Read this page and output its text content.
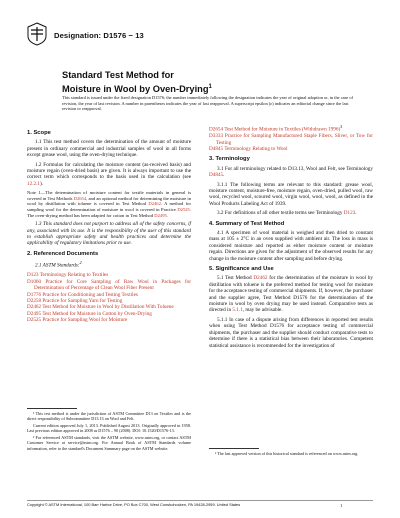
Designation: D1576 − 13
Standard Test Method for
Moisture in Wool by Oven-Drying$^1$
This standard is issued under the fixed designation D1576; the number immediately following the designation indicates the year of original adoption or, in the case of revision, the year of last revision. A number in parentheses indicates the year of last reapproval. A superscript epsilon (ε) indicates an editorial change since the last revision or reapproval.
1. Scope

1.1 This test method covers the determination of the amount of moisture present in ordinary commercial and industrial samples of wool in all forms except grease wool, using the oven-drying technique.

1.2 Formulas for calculating the moisture content (as-received basis) and moisture regain (oven-dried basis) are given. It is always important to use the correct term which corresponds to the basis used in the calculation (see 12.2.1).

Note 1—The determination of moisture content for textile materials in general is covered in Test Methods D2654, and an optional method for determining the moisture in wool by distillation with toluene is covered in Test Method D2462. A method for sampling wool for the determination of moisture in wool is covered in Practice D2525. The oven-drying method has been adapted for cotton in Test Method D2495.

1.3 This standard does not purport to address all of the safety concerns, if any, associated with its use. It is the responsibility of the user of this standard to establish appropriate safety and health practices and determine the applicability of regulatory limitations prior to use.

2. Referenced Documents

2.1 ASTM Standards:$^2$

D123 Terminology Relating to Textiles

D1060 Practice for Core Sampling of Raw Wool in Packages for Determination of Percentage of Clean Wool Fiber Present

D1776 Practice for Conditioning and Testing Textiles

D2258 Practice for Sampling Yarn for Testing

D2462 Test Method for Moisture in Wool by Distillation With Toluene

D2495 Test Method for Moisture in Cotton by Oven-Drying

D2525 Practice for Sampling Wool for Moisture

¹ This test method is under the jurisdiction of ASTM Committee D13 on Textiles and is the direct responsibility of Subcommittee D13.13 on Wool and Felt.

Current edition approved July 1, 2013. Published August 2013. Originally approved in 1958. Last previous edition approved in 2008 as D1576 – 90 (2008). DOI: 10.1520/D1576-13.

² For referenced ASTM standards, visit the ASTM website, www.astm.org, or contact ASTM Customer Service at service@astm.org. For Annual Book of ASTM Standards volume information, refer to the standard's Document Summary page on the ASTM website.

D2654 Test Method for Moisture in Textiles (Withdrawn 1996)$^3$

D3333 Practice for Sampling Manufactured Staple Fibers, Sliver, or Tow for Testing

D4845 Terminology Relating to Wool

3. Terminology

3.1 For all terminology related to D13.13, Wool and Felt, see Terminology D4845.

3.1.1 The following terms are relevant to this standard: grease wool, moisture content, moisture-free, moisture regain, oven-dried, pulled wool, raw wool, recycled wool, scoured wool, virgin wool, wool, wool, as defined in the Wool Products Labeling Act of 1939.

3.2 For definitions of all other textile terms see Terminology D123.

4. Summary of Test Method

4.1 A specimen of wool material is weighed and then dried to constant mass at 105 ± 2°C in an oven supplied with ambient air. The loss in mass is considered moisture and reported as either moisture content or moisture regain. Directions are given for the adjustment of the observed results for any change in the moisture content after sampling and before drying.

5. Significance and Use

5.1 Test Method D2462 for the determination of the moisture in wool by distillation with toluene is the preferred method for testing wool for moisture for the acceptance testing of commercial shipments. If, however, the purchaser and the supplier agree, Test Method D1576 for the determination of the moisture in wool by oven drying may be used instead. Comparative tests as directed in 5.1.1, may be advisable.

5.1.1 In case of a dispute arising from differences in reported test results when using Test Method D1576 for acceptance testing of commercial shipments, the purchaser and the supplier should conduct comparative tests to determine if there is a statistical bias between their laboratories. Competent statistical assistance is recommended for the investigation of

³ The last approved version of this historical standard is referenced on www.astm.org.

Copyright © ASTM International, 100 Barr Harbor Drive, PO Box C700, West Conshohocken, PA 19428-2959. United States	1
